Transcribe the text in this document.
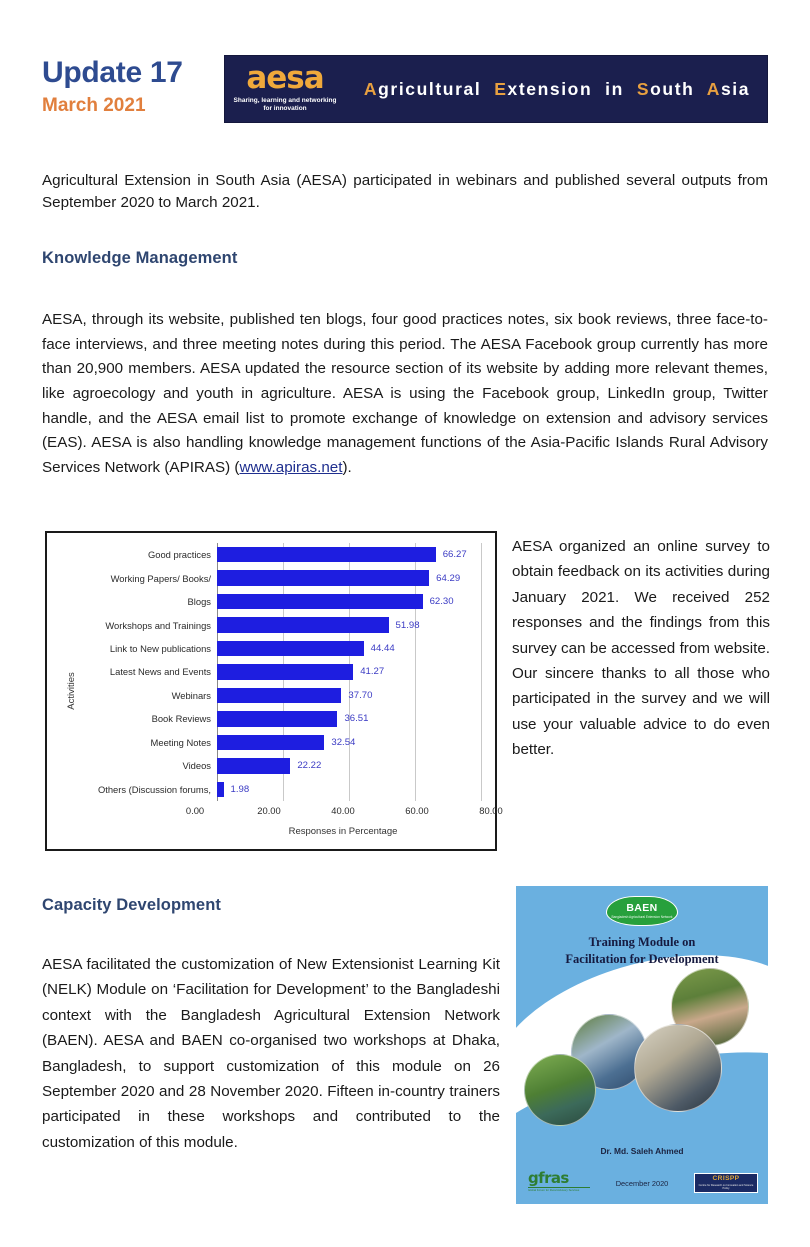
Update 17
March 2021
aesa
Sharing, learning and networking for innovation
Agricultural  Extension  in  South  Asia
Agricultural Extension in South Asia (AESA) participated in webinars and published several outputs from September 2020 to March 2021.
Knowledge Management
AESA, through its website, published ten blogs, four good practices notes, six book reviews, three face-to-face interviews, and three meeting notes during this period. The AESA Facebook group currently has more than 20,900 members. AESA updated the resource section of its website by adding more relevant themes, like agroecology and youth in agriculture. AESA is using the Facebook group, LinkedIn group, Twitter handle, and the AESA email list to promote exchange of knowledge on extension and advisory services (EAS). AESA is also handling knowledge management functions of the Asia-Pacific Islands Rural Advisory Services Network (APIRAS) (www.apiras.net).
Activities
Good practices
Working Papers/ Books/
Blogs
Workshops and Trainings
Link to New publications
Latest News and Events
Webinars
Book Reviews
Meeting Notes
Videos
Others (Discussion forums,
66.27
64.29
62.30
51.98
44.44
41.27
37.70
36.51
32.54
22.22
1.98
0.00	20.00	40.00	60.00	80.00
Responses in Percentage
AESA organized an online survey to obtain feedback on its activities during January 2021. We received 252 responses and the findings from this survey can be accessed from website. Our sincere thanks to all those who participated in the survey and we will use your valuable advice to do even better.
Capacity Development
AESA facilitated the customization of New Extensionist Learning Kit (NELK) Module on ‘Facilitation for Development’ to the Bangladeshi context with the Bangladesh Agricultural Extension Network (BAEN). AESA and BAEN co-organised two workshops at Dhaka, Bangladesh, to support customization of this module on 26 September 2020 and 28 November 2020. Fifteen in-country trainers participated in these workshops and contributed to the customization of this module.
BAEN
Bangladesh Agricultural Extension Network
Training Module on
Facilitation for Development
Dr. Md. Saleh Ahmed
gfras
Global Forum for Rural Advisory Services
December 2020
CRISPP
Centre for Research on Innovation and Science Policy
